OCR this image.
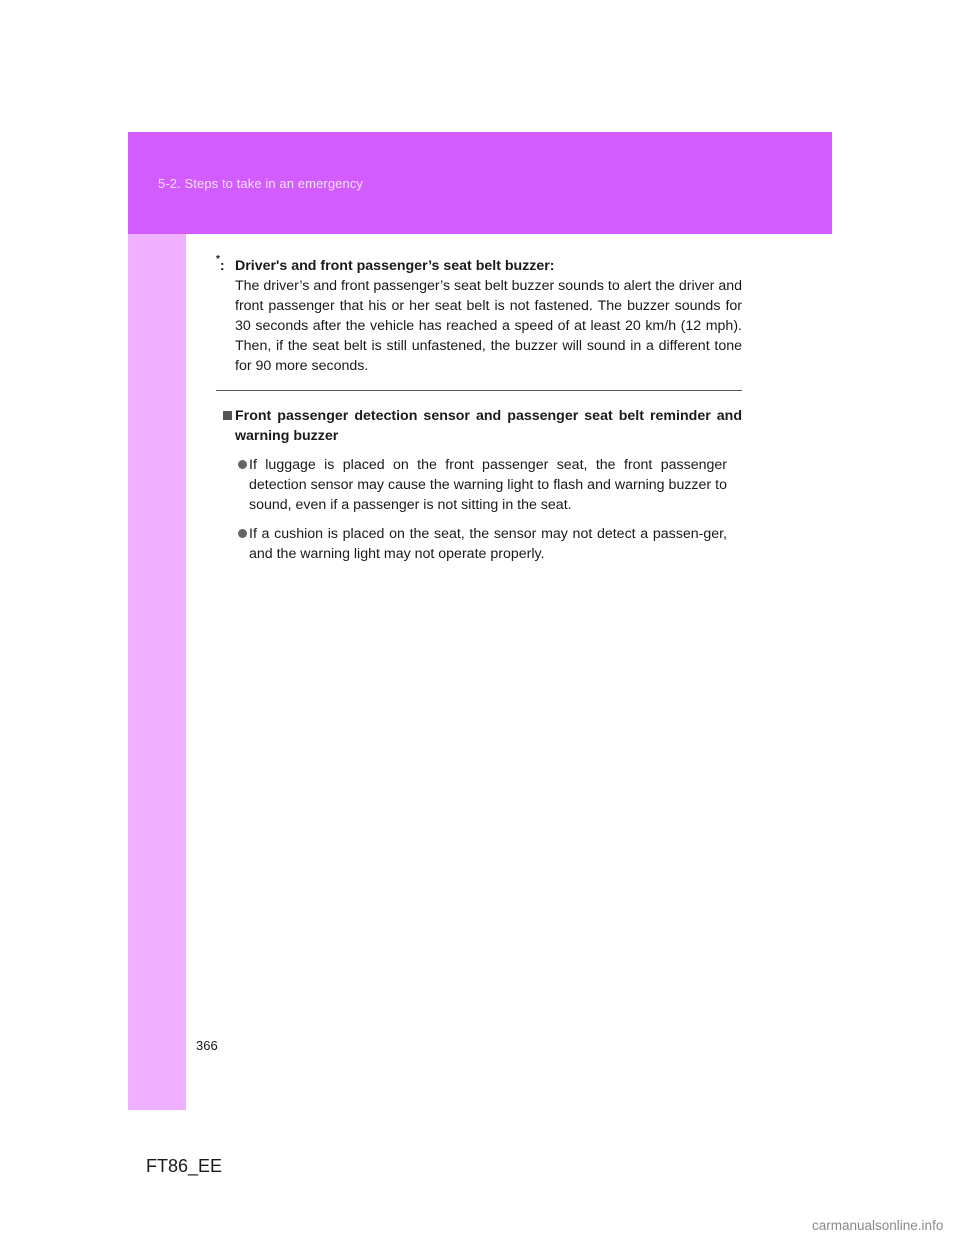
5-2. Steps to take in an emergency
*: Driver's and front passenger’s seat belt buzzer:
The driver’s and front passenger’s seat belt buzzer sounds to alert the driver and front passenger that his or her seat belt is not fastened. The buzzer sounds for 30 seconds after the vehicle has reached a speed of at least 20 km/h (12 mph). Then, if the seat belt is still unfastened, the buzzer will sound in a different tone for 90 more seconds.
Front passenger detection sensor and passenger seat belt reminder and warning buzzer
If luggage is placed on the front passenger seat, the front passenger detection sensor may cause the warning light to flash and warning buzzer to sound, even if a passenger is not sitting in the seat.
If a cushion is placed on the seat, the sensor may not detect a passen-ger, and the warning light may not operate properly.
366
FT86_EE
carmanualsonline.info
